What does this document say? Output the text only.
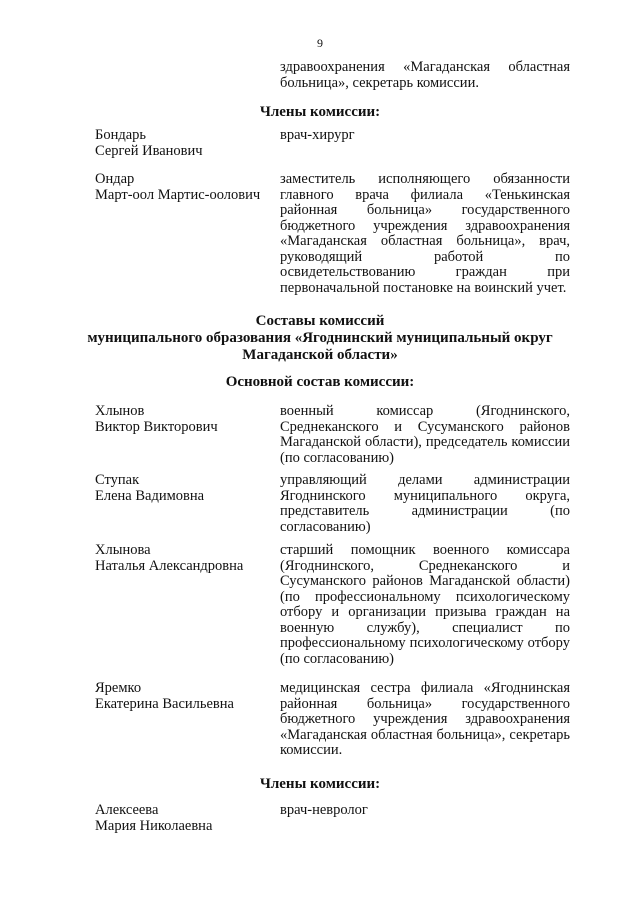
9
здравоохранения «Магаданская областная больница», секретарь комиссии.
Члены комиссии:
Бондарь
Сергей Иванович
врач-хирург
Ондар
Март-оол Мартис-оолович
заместитель исполняющего обязанности главного врача филиала «Тенькинская районная больница» государственного бюджетного учреждения здравоохранения «Магаданская областная больница», врач, руководящий работой по освидетельствованию граждан при первоначальной постановке на воинский учет.
Составы комиссий
муниципального образования «Ягоднинский муниципальный округ
Магаданской области»
Основной состав комиссии:
Хлынов
Виктор Викторович
военный комиссар (Ягоднинского, Среднеканского и Сусуманского районов Магаданской области), председатель комиссии (по согласованию)
Ступак
Елена Вадимовна
управляющий делами администрации Ягоднинского муниципального округа, представитель администрации (по согласованию)
Хлынова
Наталья Александровна
старший помощник военного комиссара (Ягоднинского, Среднеканского и Сусуманского районов Магаданской области) (по профессиональному психологическому отбору и организации призыва граждан на военную службу), специалист по профессиональному психологическому отбору (по согласованию)
Яремко
Екатерина Васильевна
медицинская сестра филиала «Ягоднинская районная больница» государственного бюджетного учреждения здравоохранения «Магаданская областная больница», секретарь комиссии.
Члены комиссии:
Алексеева
Мария Николаевна
врач-невролог
